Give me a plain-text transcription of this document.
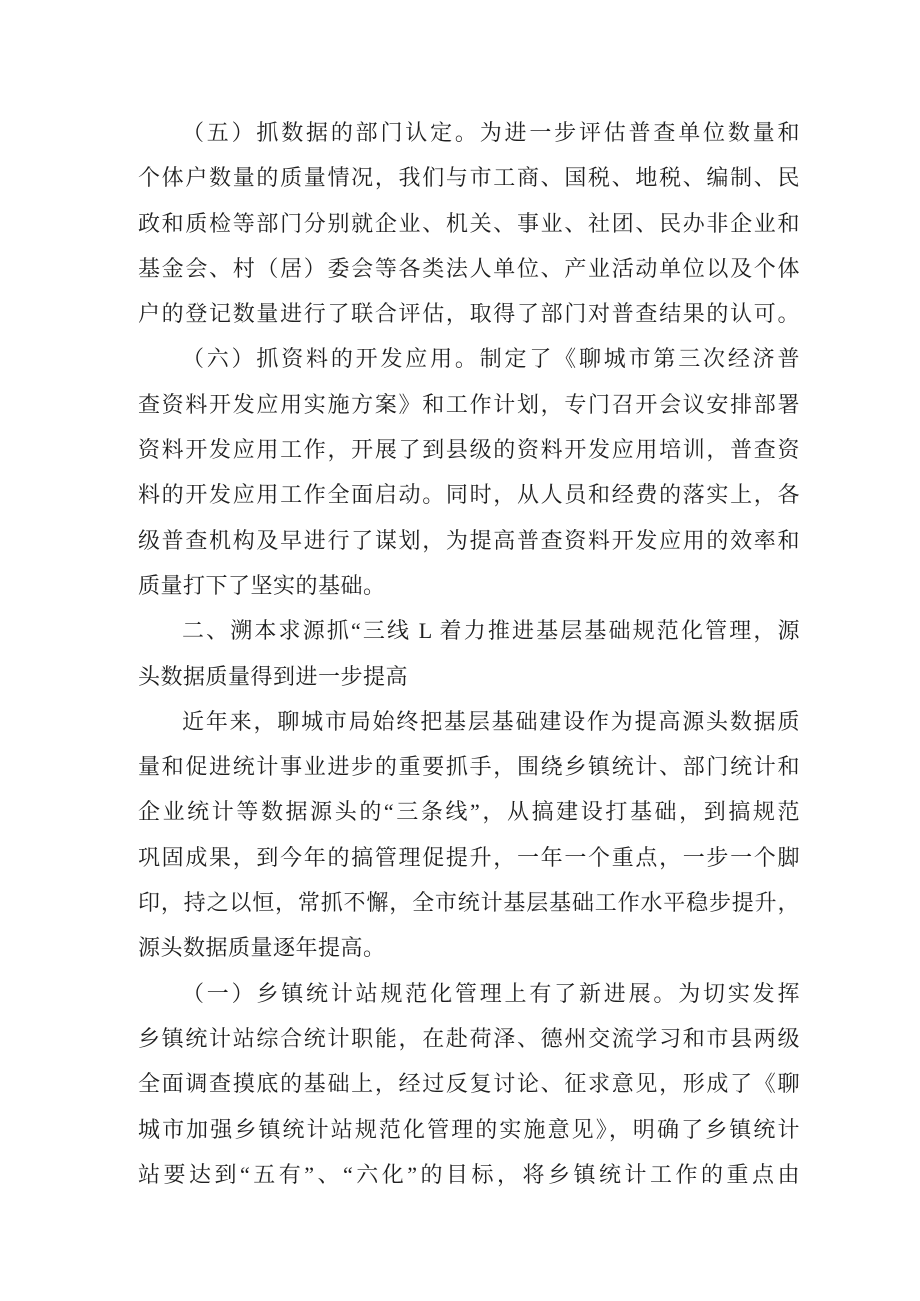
（五）抓数据的部门认定。为进一步评估普查单位数量和
个体户数量的质量情况，我们与市工商、国税、地税、编制、民
政和质检等部门分别就企业、机关、事业、社团、民办非企业和
基金会、村（居）委会等各类法人单位、产业活动单位以及个体
户的登记数量进行了联合评估，取得了部门对普查结果的认可。
（六）抓资料的开发应用。制定了《聊城市第三次经济普
查资料开发应用实施方案》和工作计划，专门召开会议安排部署
资料开发应用工作，开展了到县级的资料开发应用培训，普查资
料的开发应用工作全面启动。同时，从人员和经费的落实上，各
级普查机构及早进行了谋划，为提高普查资料开发应用的效率和
质量打下了坚实的基础。
二、溯本求源抓“三线 L 着力推进基层基础规范化管理，源
头数据质量得到进一步提高
近年来，聊城市局始终把基层基础建设作为提高源头数据质
量和促进统计事业进步的重要抓手，围绕乡镇统计、部门统计和
企业统计等数据源头的“三条线”，从搞建设打基础，到搞规范
巩固成果，到今年的搞管理促提升，一年一个重点，一步一个脚
印，持之以恒，常抓不懈，全市统计基层基础工作水平稳步提升，
源头数据质量逐年提高。
（一）乡镇统计站规范化管理上有了新进展。为切实发挥
乡镇统计站综合统计职能，在赴荷泽、德州交流学习和市县两级
全面调查摸底的基础上，经过反复讨论、征求意见，形成了《聊
城市加强乡镇统计站规范化管理的实施意见》，明确了乡镇统计
站要达到“五有”、“六化”的目标，将乡镇统计工作的重点由
